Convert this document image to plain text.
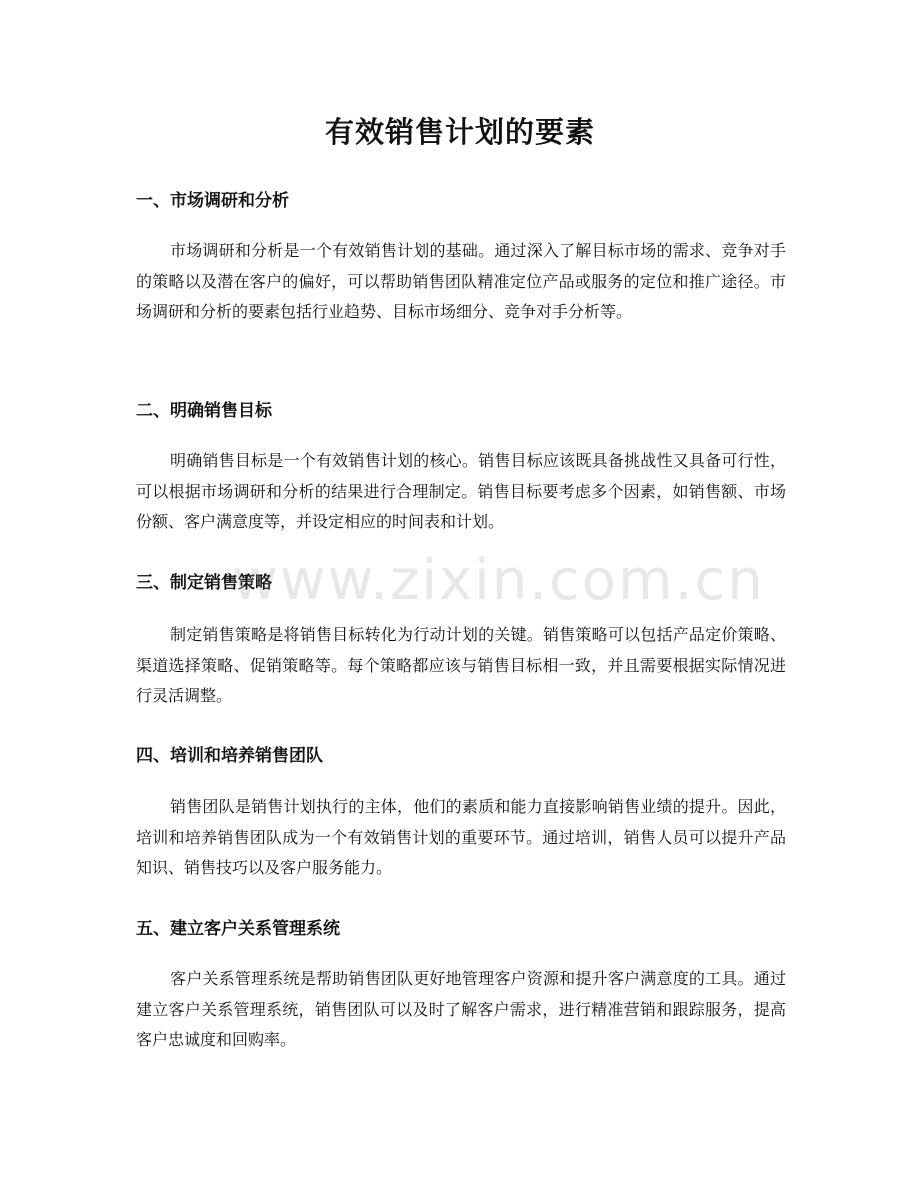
有效销售计划的要素
一、市场调研和分析

市场调研和分析是一个有效销售计划的基础。通过深入了解目标市场的需求、竞争对手的策略以及潜在客户的偏好，可以帮助销售团队精准定位产品或服务的定位和推广途径。市场调研和分析的要素包括行业趋势、目标市场细分、竞争对手分析等。

二、明确销售目标

明确销售目标是一个有效销售计划的核心。销售目标应该既具备挑战性又具备可行性，可以根据市场调研和分析的结果进行合理制定。销售目标要考虑多个因素，如销售额、市场份额、客户满意度等，并设定相应的时间表和计划。

三、制定销售策略

制定销售策略是将销售目标转化为行动计划的关键。销售策略可以包括产品定价策略、渠道选择策略、促销策略等。每个策略都应该与销售目标相一致，并且需要根据实际情况进行灵活调整。

四、培训和培养销售团队

销售团队是销售计划执行的主体，他们的素质和能力直接影响销售业绩的提升。因此，培训和培养销售团队成为一个有效销售计划的重要环节。通过培训，销售人员可以提升产品知识、销售技巧以及客户服务能力。

五、建立客户关系管理系统

客户关系管理系统是帮助销售团队更好地管理客户资源和提升客户满意度的工具。通过建立客户关系管理系统，销售团队可以及时了解客户需求，进行精准营销和跟踪服务，提高客户忠诚度和回购率。

www.zixin.com.cn
